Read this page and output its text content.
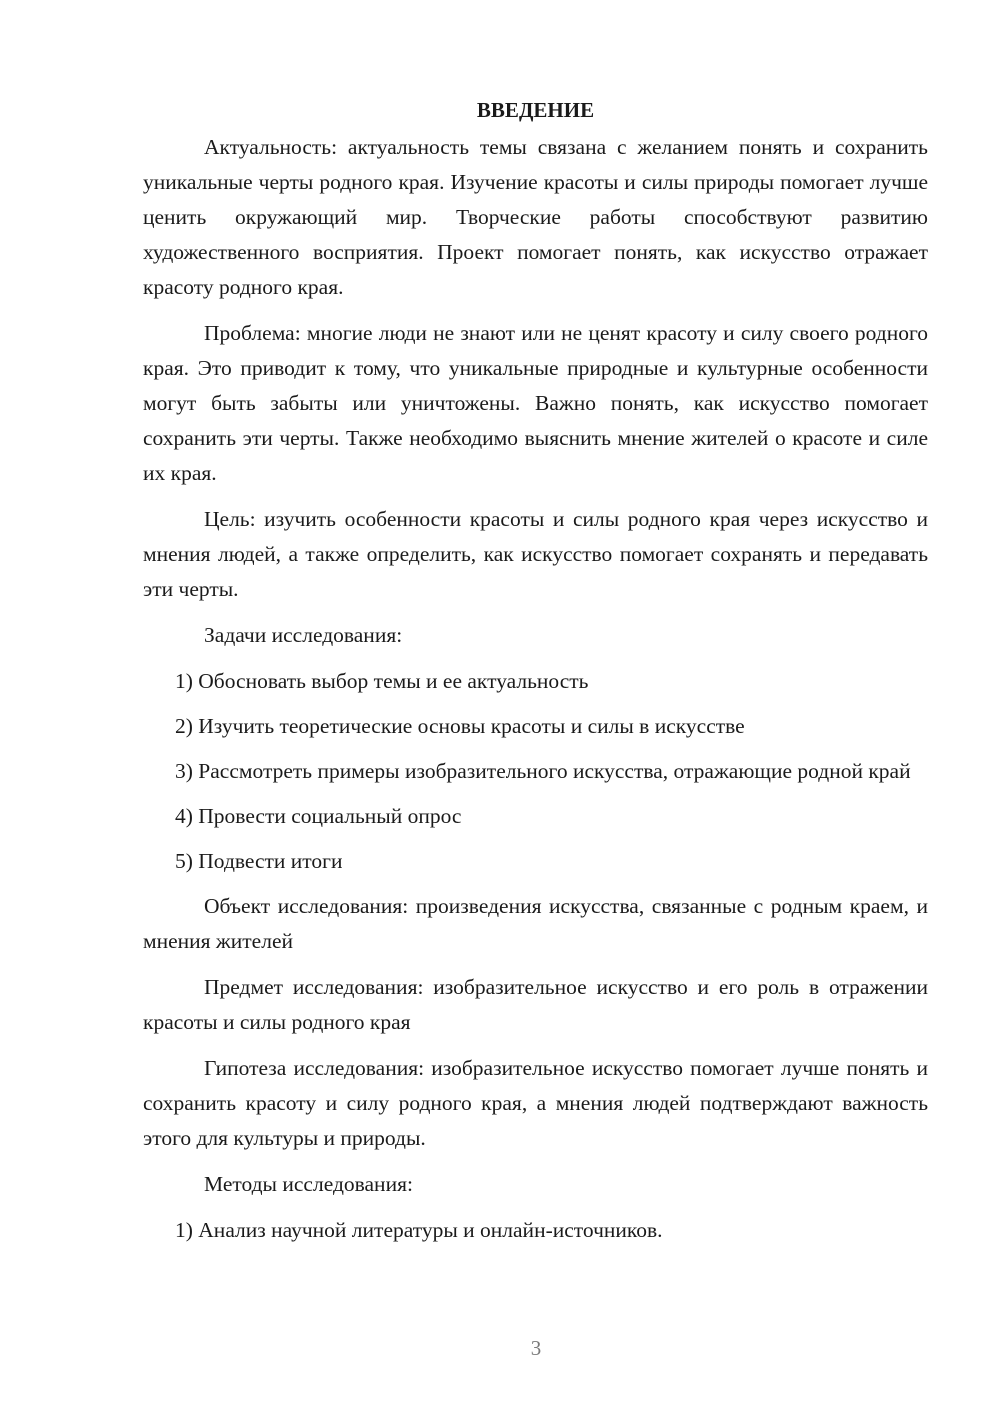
ВВЕДЕНИЕ

Актуальность: актуальность темы связана с желанием понять и сохранить уникальные черты родного края. Изучение красоты и силы природы помогает лучше ценить окружающий мир. Творческие работы способствуют развитию художественного восприятия. Проект помогает понять, как искусство отражает красоту родного края.

Проблема: многие люди не знают или не ценят красоту и силу своего родного края. Это приводит к тому, что уникальные природные и культурные особенности могут быть забыты или уничтожены. Важно понять, как искусство помогает сохранить эти черты. Также необходимо выяснить мнение жителей о красоте и силе их края.

Цель: изучить особенности красоты и силы родного края через искусство и мнения людей, а также определить, как искусство помогает сохранять и передавать эти черты.

Задачи исследования:

1) Обосновать выбор темы и ее актуальность

2) Изучить теоретические основы красоты и силы в искусстве

3) Рассмотреть примеры изобразительного искусства, отражающие родной край

4) Провести социальный опрос

5) Подвести итоги

Объект исследования: произведения искусства, связанные с родным краем, и мнения жителей

Предмет исследования: изобразительное искусство и его роль в отражении красоты и силы родного края

Гипотеза исследования: изобразительное искусство помогает лучше понять и сохранить красоту и силу родного края, а мнения людей подтверждают важность этого для культуры и природы.

Методы исследования:

1) Анализ научной литературы и онлайн-источников.

3
